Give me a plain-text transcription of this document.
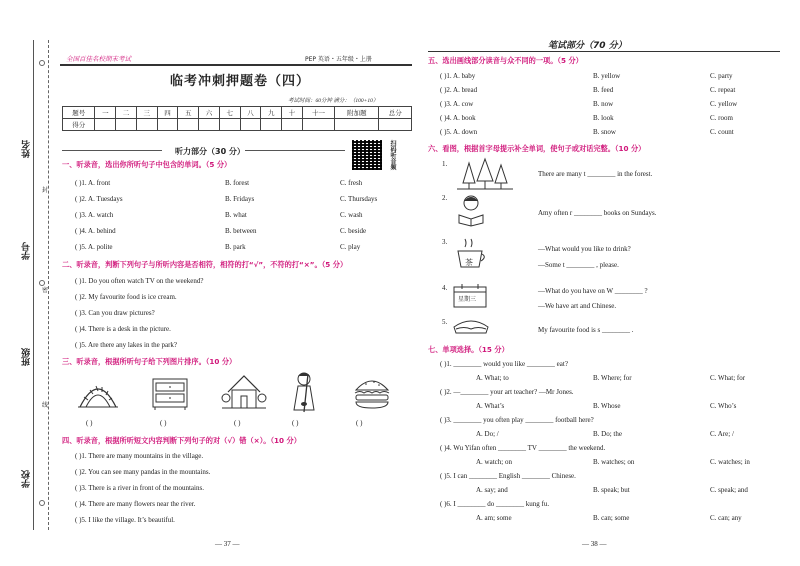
姓名
学号
班级
学校
封
密
线
全国百佳名校期末考试	PEP 英语・五年级・上册
临考冲刺押题卷（四）
考试时间：60分钟 满分：（100+10）
题号	一	二	三	四	五	六	七	八	九	十	十一	附加题	总分
得分													
听力部分（30 分）	扫码听音频
一、听录音，选出你所听句子中包含的单词。（5 分）
( )1. A. front	B. forest	C. fresh
( )2. A. Tuesdays	B. Fridays	C. Thursdays
( )3. A. watch	B. what	C. wash
( )4. A. behind	B. between	C. beside
( )5. A. polite	B. park	C. play
二、听录音，判断下列句子与所听内容是否相符，相符的打“√”，不符的打“×”。（5 分）
( )1. Do you often watch TV on the weekend?
( )2. My favourite food is ice cream.
( )3. Can you draw pictures?
( )4. There is a desk in the picture.
( )5. Are there any lakes in the park?
三、听录音，根据所听句子给下列图片排序。（10 分）
( )	( )	( )	( )	( )
四、听录音，根据所听短文内容判断下列句子的对（√）错（×）。（10 分）
( )1. There are many mountains in the village.
( )2. You can see many pandas in the mountains.
( )3. There is a river in front of the mountains.
( )4. There are many flowers near the river.
( )5. I like the village. It’s beautiful.
— 37 —
笔试部分（70 分）
五、选出画线部分读音与众不同的一项。（5 分）
( )1. A. baby	B. yellow	C. party
( )2. A. bread	B. feed	C. repeat
( )3. A. cow	B. now	C. yellow
( )4. A. book	B. look	C. room
( )5. A. down	B. snow	C. count
六、看图，根据首字母提示补全单词，使句子或对话完整。（10 分）
1.
2.
3.
4.
5.
茶
星期三
There are many t ________ in the forest.
Amy often r ________ books on Sundays.
—What would you like to drink?
—Some t ________ , please.
—What do you have on W ________ ?
—We have art and Chinese.
My favourite food is s ________ .
七、单项选择。（15 分）
( )1. ________ would you like ________ eat?
A. What; to	B. Where; for	C. What; for
( )2. —________ your art teacher? —Mr Jones.
A. What’s	B. Whose	C. Who’s
( )3. ________ you often play ________ football here?
A. Do; /	B. Do; the	C. Are; /
( )4. Wu Yifan often ________ TV ________ the weekend.
A. watch; on	B. watches; on	C. watches; in
( )5. I can ________ English ________ Chinese.
A. say; and	B. speak; but	C. speak; and
( )6. I ________ do ________ kung fu.
A. am; some	B. can; some	C. can; any
— 38 —
